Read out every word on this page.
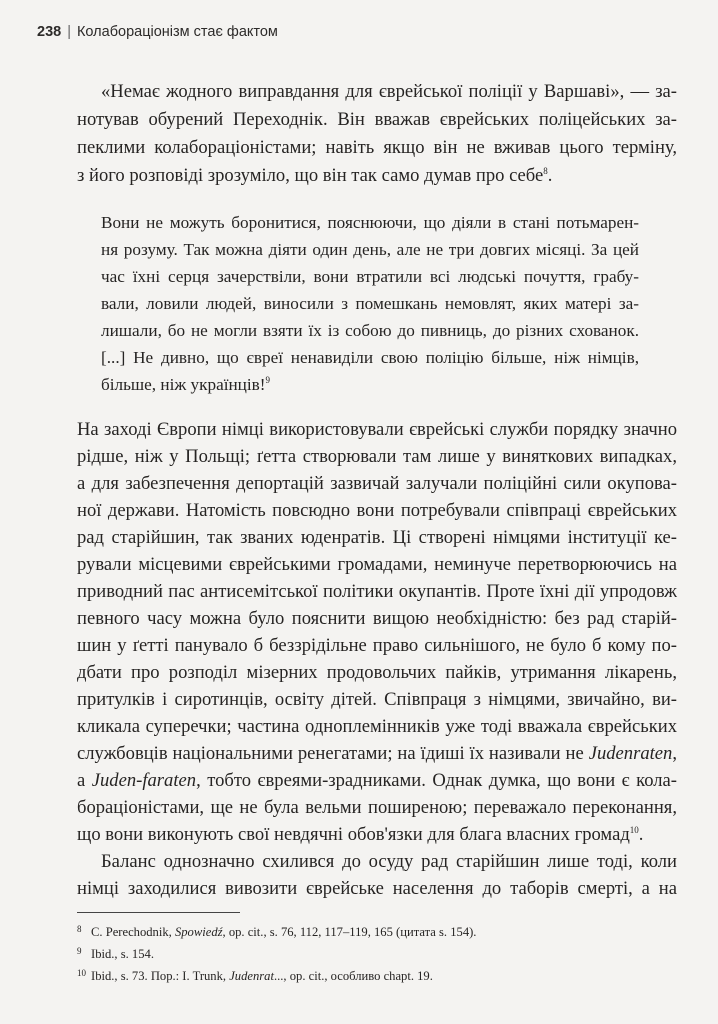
238 | Колабораціонізм стає фактом
«Немає жодного виправдання для єврейської поліції у Варшаві», — за-
нотував обурений Переходнік. Він вважав єврейських поліцейських за-
пеклими колабораціоністами; навіть якщо він не вживав цього терміну,
з його розповіді зрозуміло, що він так само думав про себе$^8$.
Вони не можуть боронитися, пояснюючи, що діяли в стані потьмарен-
ня розуму. Так можна діяти один день, але не три довгих місяці. За цей
час їхні серця зачерствіли, вони втратили всі людські почуття, грабу-
вали, ловили людей, виносили з помешкань немовлят, яких матері за-
лишали, бо не могли взяти їх із собою до пивниць, до різних схованок.
[...] Не дивно, що євреї ненавиділи свою поліцію більше, ніж німців,
більше, ніж українців!$^9$
На заході Європи німці використовували єврейські служби порядку значно
рідше, ніж у Польщі; ґетта створювали там лише у виняткових випадках,
а для забезпечення депортацій зазвичай залучали поліційні сили окупова-
ної держави. Натомість повсюдно вони потребували співпраці єврейських
рад старійшин, так званих юденратів. Ці створені німцями інституції ке-
рували місцевими єврейськими громадами, неминуче перетворюючись на
приводний пас антисемітської політики окупантів. Проте їхні дії упродовж
певного часу можна було пояснити вищою необхідністю: без рад старій-
шин у ґетті панувало б беззрідільне право сильнішого, не було б кому по-
дбати про розподіл мізерних продовольчих пайків, утримання лікарень,
притулків і сиротинців, освіту дітей. Співпраця з німцями, звичайно, ви-
кликала суперечки; частина одноплемінників уже тоді вважала єврейських
службовців національними ренегатами; на їдиші їх називали не Judenraten,
а Juden-faraten, тобто євреями-зрадниками. Однак думка, що вони є кола-
бораціоністами, ще не була вельми поширеною; переважало переконання,
що вони виконують свої невдячні обов'язки для блага власних громад$^{10}$.
Баланс однозначно схилився до осуду рад старійшин лише тоді, коли
німці заходилися вивозити єврейське населення до таборів смерті, а на
8 C. Perechodnik, Spowiedź, op. cit., s. 76, 112, 117–119, 165 (цитата s. 154).
9 Ibid., s. 154.
10 Ibid., s. 73. Пор.: I. Trunk, Judenrat..., op. cit., особливо chapt. 19.
